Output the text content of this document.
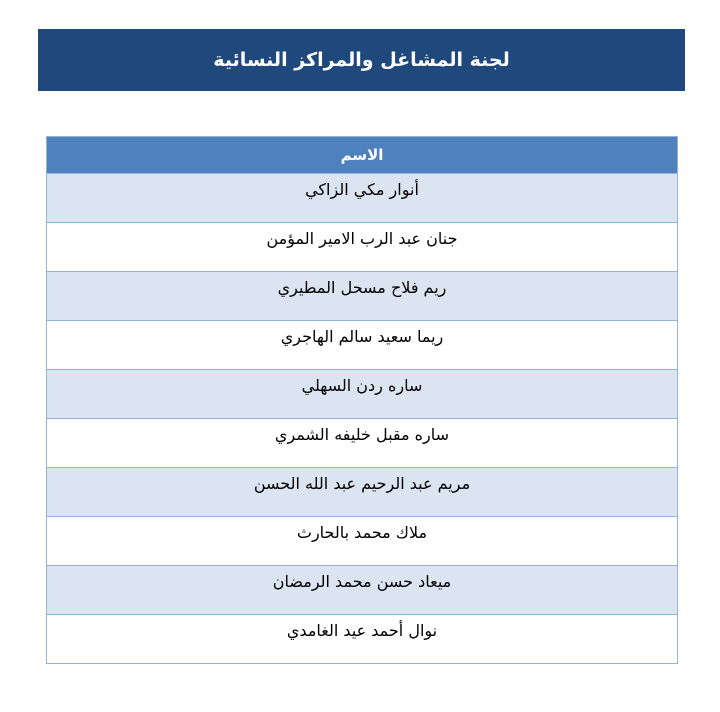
لجنة المشاغل والمراكز النسائية
الاسم
أنوار مكي الزاكي
جنان عبد الرب الامير المؤمن
ريم فلاح مسحل المطيري
ريما سعيد سالم الهاجري
ساره ردن السهلي
ساره مقبل خليفه الشمري
مريم عبد الرحيم عبد الله الحسن
ملاك محمد بالحارث
ميعاد حسن محمد الرمضان
نوال أحمد عيد الغامدي
